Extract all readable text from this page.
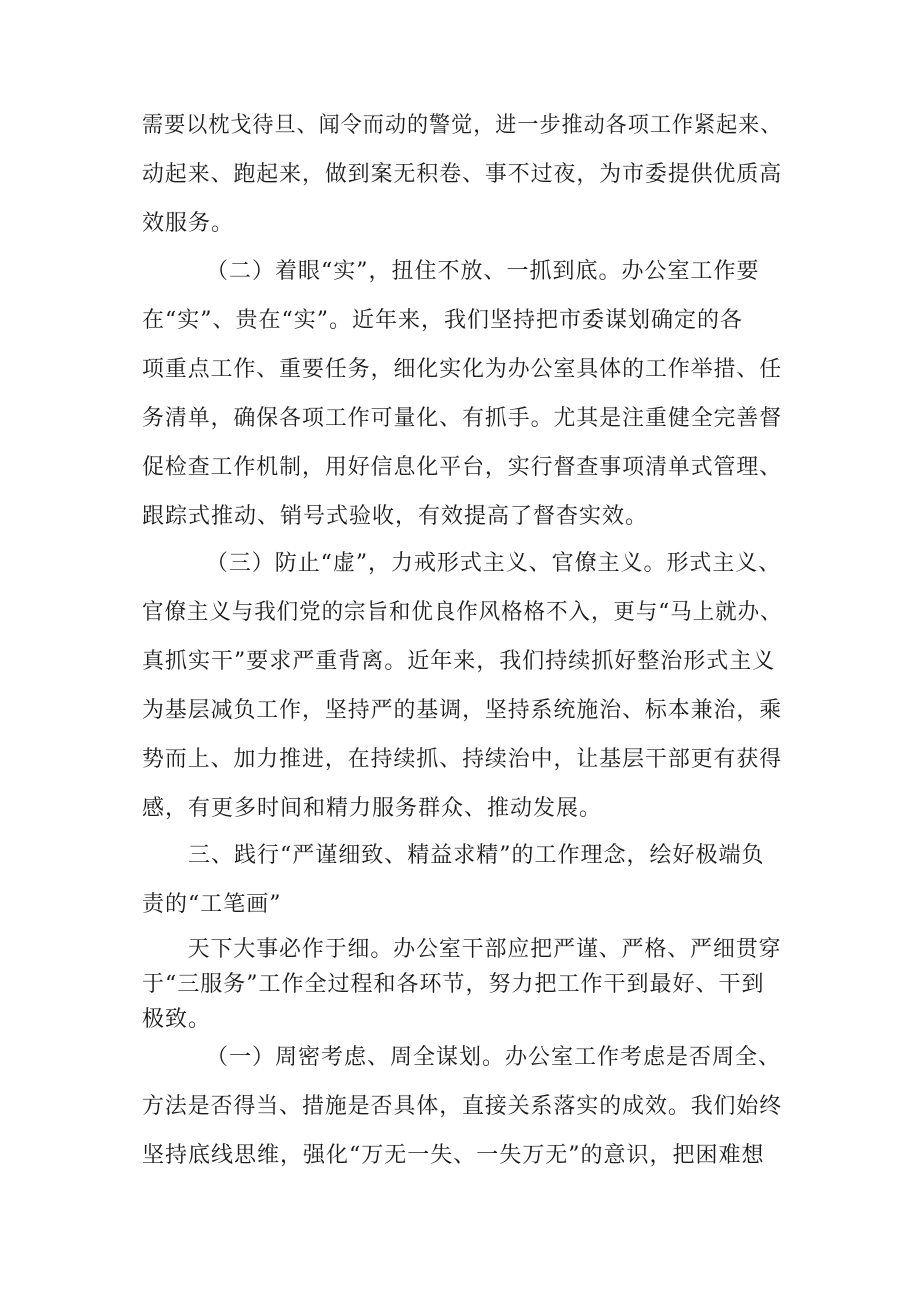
需要以枕戈待旦、闻令而动的警觉，进一步推动各项工作紧起来、
动起来、跑起来，做到案无积卷、事不过夜，为市委提供优质高
效服务。
（二）着眼“实”，扭住不放、一抓到底。办公室工作要
在“实”、贵在“实”。近年来，我们坚持把市委谋划确定的各
项重点工作、重要任务，细化实化为办公室具体的工作举措、任
务清单，确保各项工作可量化、有抓手。尤其是注重健全完善督
促检查工作机制，用好信息化平台，实行督查事项清单式管理、
跟踪式推动、销号式验收，有效提高了督杳实效。
（三）防止“虚”，力戒形式主义、官僚主义。形式主义、
官僚主义与我们党的宗旨和优良作风格格不入，更与“马上就办、
真抓实干”要求严重背离。近年来，我们持续抓好整治形式主义
为基层减负工作，坚持严的基调，坚持系统施治、标本兼治，乘
势而上、加力推进，在持续抓、持续治中，让基层干部更有获得
感，有更多时间和精力服务群众、推动发展。
三、践行“严谨细致、精益求精”的工作理念，绘好极端负
责的“工笔画”
天下大事必作于细。办公室干部应把严谨、严格、严细贯穿
于“三服务”工作全过程和各环节，努力把工作干到最好、干到
极致。
（一）周密考虑、周全谋划。办公室工作考虑是否周全、
方法是否得当、措施是否具体，直接关系落实的成效。我们始终
坚持底线思维，强化“万无一失、一失万无”的意识，把困难想
